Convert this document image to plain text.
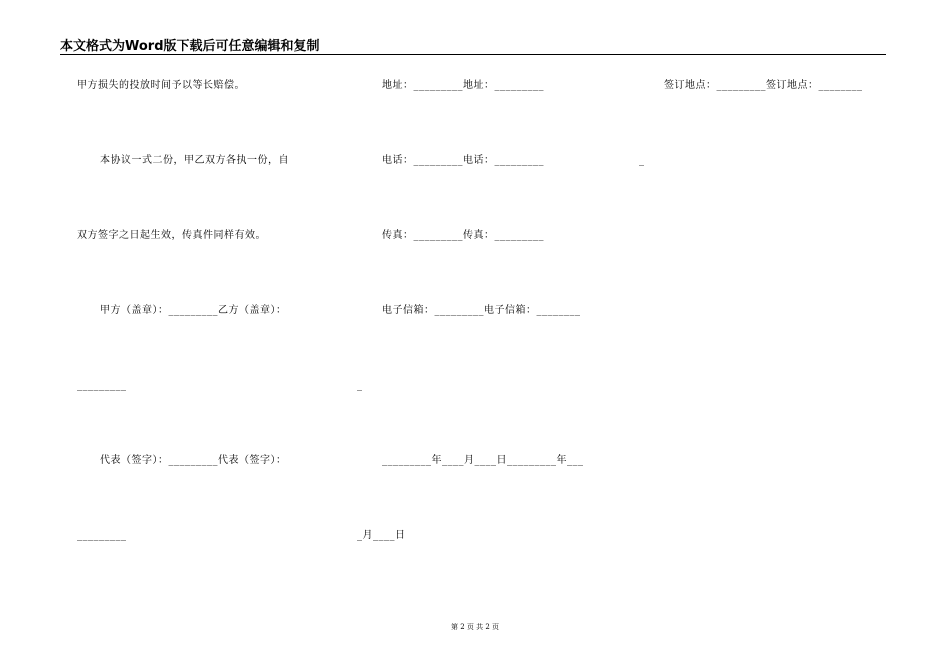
本文格式为Word版下载后可任意编辑和复制
甲方损失的投放时间予以等长赔偿。
本协议一式二份，甲乙双方各执一份，自
双方签字之日起生效，传真件同样有效。
甲方（盖章）：_________乙方（盖章）：
_________
代表（签字）：_________代表（签字）：
_________
地址：_________地址：_________
电话：_________电话：_________
传真：_________传真：_________
电子信箱：_________电子信箱：________
_
_________年____月____日_________年___
_月____日
签订地点：_________签订地点：________
_
第 2 页 共 2 页
